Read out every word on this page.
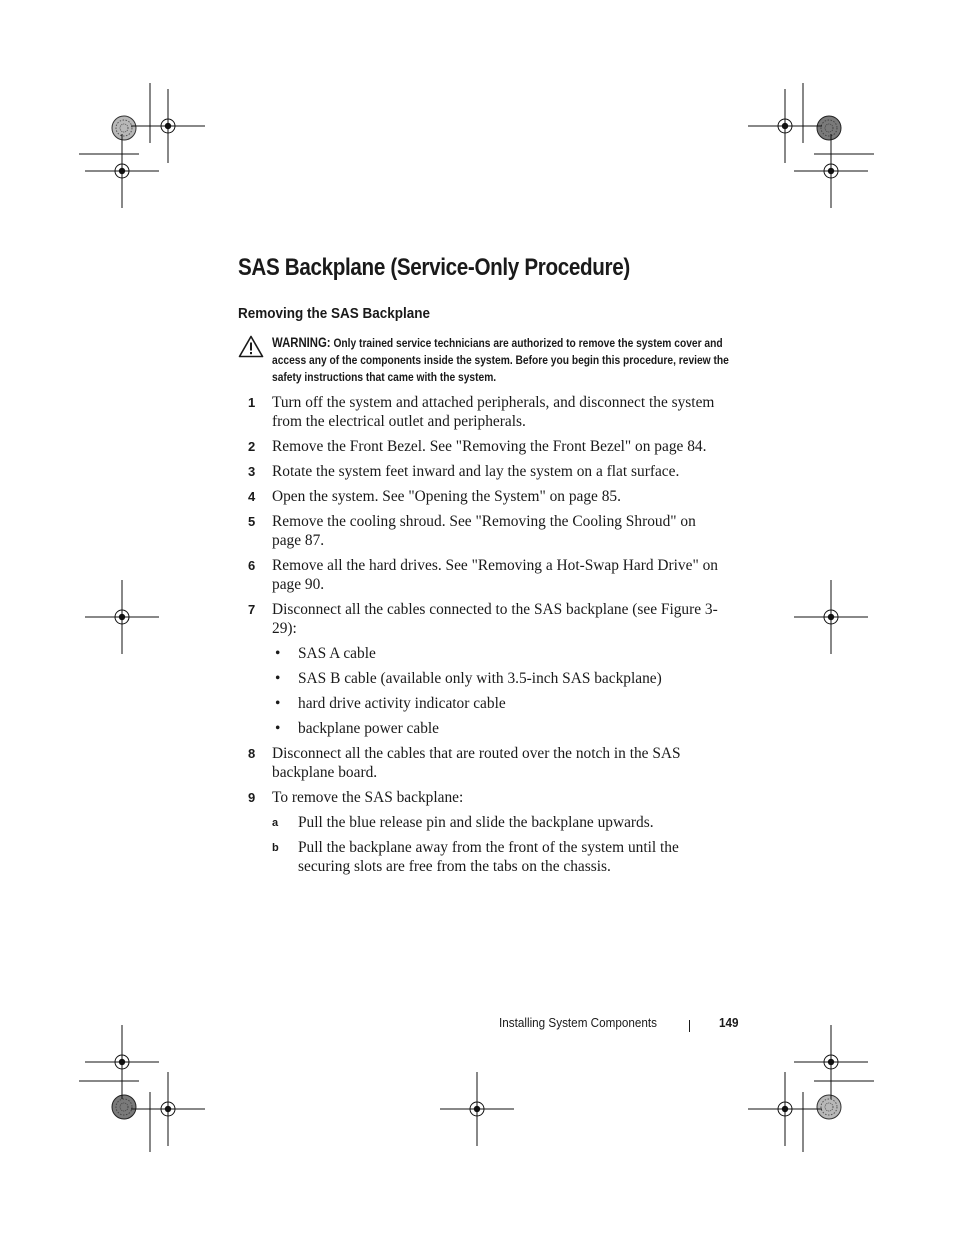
SAS Backplane (Service-Only Procedure)
Removing the SAS Backplane

WARNING: Only trained service technicians are authorized to remove the system cover and access any of the components inside the system. Before you begin this procedure, review the safety instructions that came with the system.

1	Turn off the system and attached peripherals, and disconnect the system from the electrical outlet and peripherals.
2	Remove the Front Bezel. See "Removing the Front Bezel" on page 84.
3	Rotate the system feet inward and lay the system on a flat surface.
4	Open the system. See "Opening the System" on page 85.
5	Remove the cooling shroud. See "Removing the Cooling Shroud" on page 87.
6	Remove all the hard drives. See "Removing a Hot-Swap Hard Drive" on page 90.
7	Disconnect all the cables connected to the SAS backplane (see Figure 3-29):
• SAS A cable
• SAS B cable (available only with 3.5-inch SAS backplane)
• hard drive activity indicator cable
• backplane power cable
8	Disconnect all the cables that are routed over the notch in the SAS backplane board.
9	To remove the SAS backplane:
a Pull the blue release pin and slide the backplane upwards.
b Pull the backplane away from the front of the system until the securing slots are free from the tabs on the chassis.
Installing System Components	149
